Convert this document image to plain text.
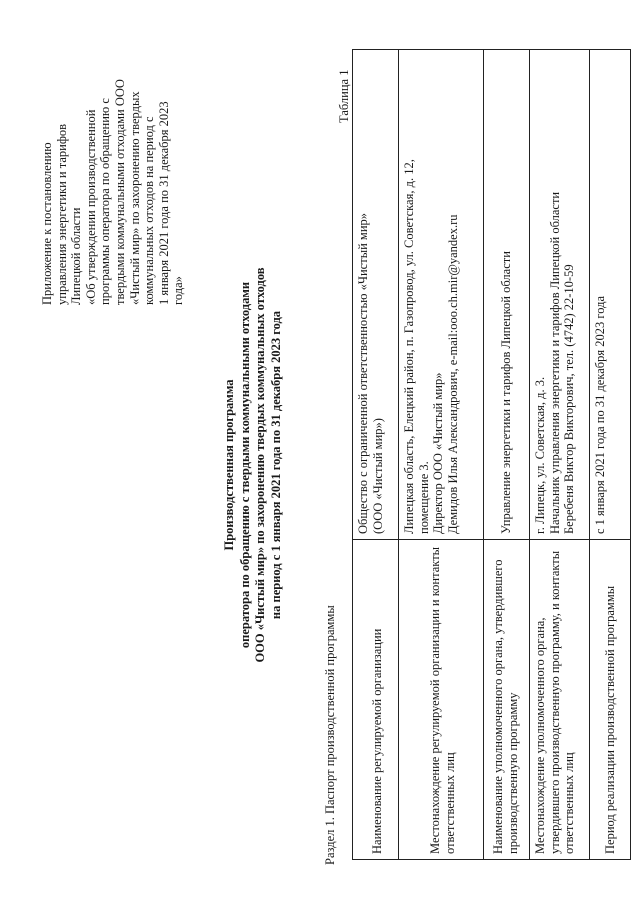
Приложение к постановлению управления энергетики и тарифов Липецкой области «Об утверждении производственной программы оператора по обращению с твердыми коммунальными отходами ООО «Чистый мир» по захоронению твердых коммунальных отходов на период с 1 января 2021 года по 31 декабря 2023 года»
Производственная программа оператора по обращению с твердыми коммунальными отходами ООО «Чистый мир» по захоронению твердых коммунальных отходов на период с 1 января 2021 года по 31 декабря 2023 года
Раздел 1. Паспорт производственной программы
Таблица 1
Наименование регулируемой организации	Общество с ограниченной ответственностью «Чистый мир» (ООО «Чистый мир»)

Местонахождение регулируемой организации и контакты ответственных лиц	Липецкая область, Елецкий район, п. Газопровод, ул. Советская, д. 12, помещение 3. Директор ООО «Чистый мир» Демидов Илья Александрович, e-mail:ooo.ch.mir@yandex.ru

Наименование уполномоченного органа, утвердившего производственную программу	Управление энергетики и тарифов Липецкой области

Местонахождение уполномоченного органа, утвердившего производственную программу, и контакты ответственных лиц	г. Липецк, ул. Советская, д. 3. Начальник управления энергетики и тарифов Липецкой области Беребеня Виктор Викторович, тел. (4742) 22-10-59

Период реализации производственной программы	с 1 января 2021 года по 31 декабря 2023 года
